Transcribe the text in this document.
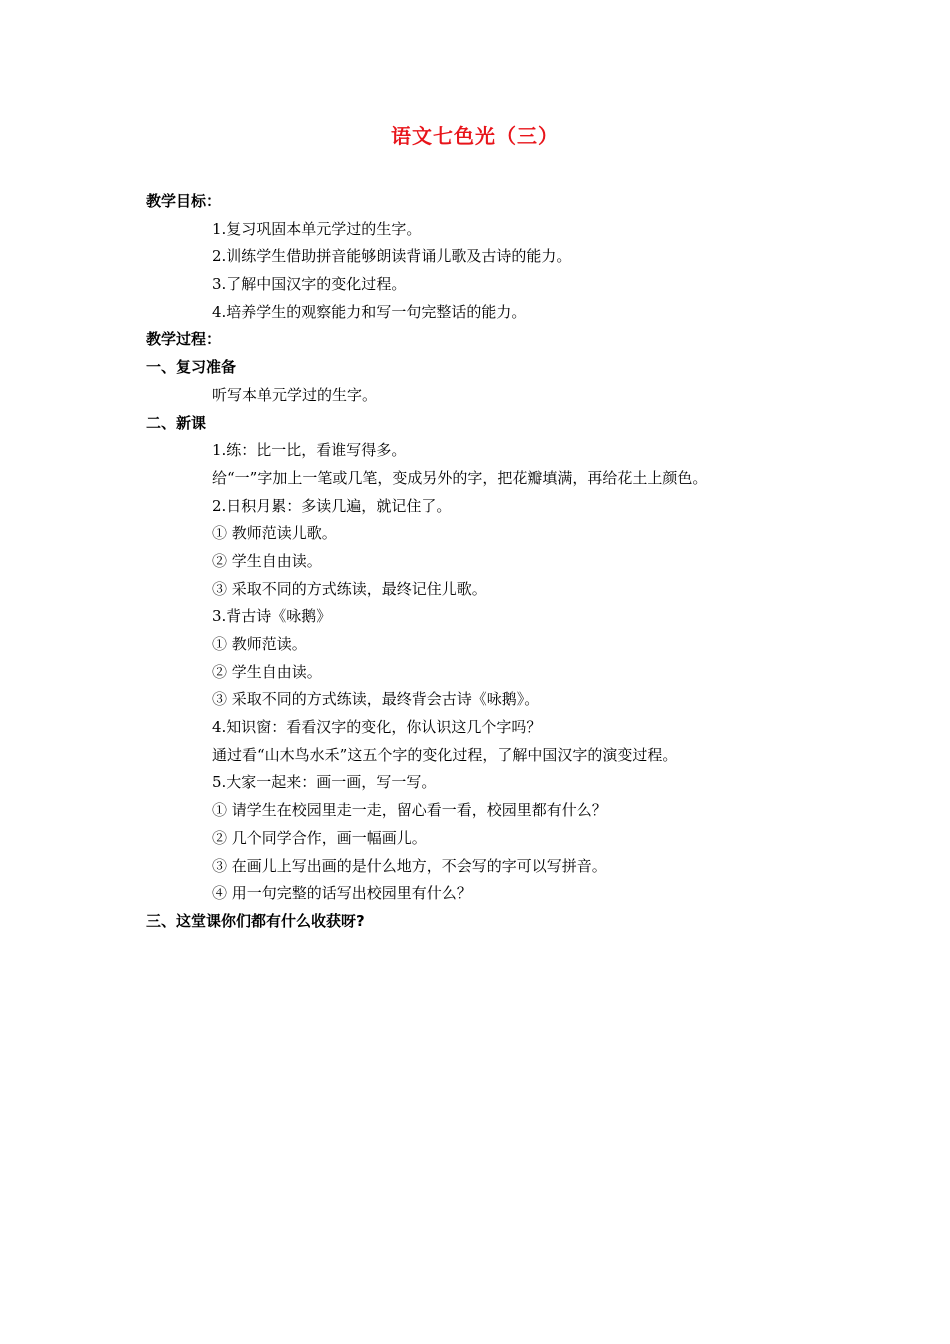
语文七色光（三）
教学目标：
1.复习巩固本单元学过的生字。
2.训练学生借助拼音能够朗读背诵儿歌及古诗的能力。
3.了解中国汉字的变化过程。
4.培养学生的观察能力和写一句完整话的能力。
教学过程：
一、复习准备
听写本单元学过的生字。
二、新课
1.练：比一比，看谁写得多。
给“一”字加上一笔或几笔，变成另外的字，把花瓣填满，再给花土上颜色。
2.日积月累：多读几遍，就记住了。
① 教师范读儿歌。
② 学生自由读。
③ 采取不同的方式练读，最终记住儿歌。
3.背古诗《咏鹅》
① 教师范读。
② 学生自由读。
③ 采取不同的方式练读，最终背会古诗《咏鹅》。
4.知识窗：看看汉字的变化，你认识这几个字吗？
通过看“山木鸟水禾”这五个字的变化过程，了解中国汉字的演变过程。
5.大家一起来：画一画，写一写。
① 请学生在校园里走一走，留心看一看，校园里都有什么？
② 几个同学合作，画一幅画儿。
③ 在画儿上写出画的是什么地方，不会写的字可以写拼音。
④ 用一句完整的话写出校园里有什么？
三、这堂课你们都有什么收获呀?
